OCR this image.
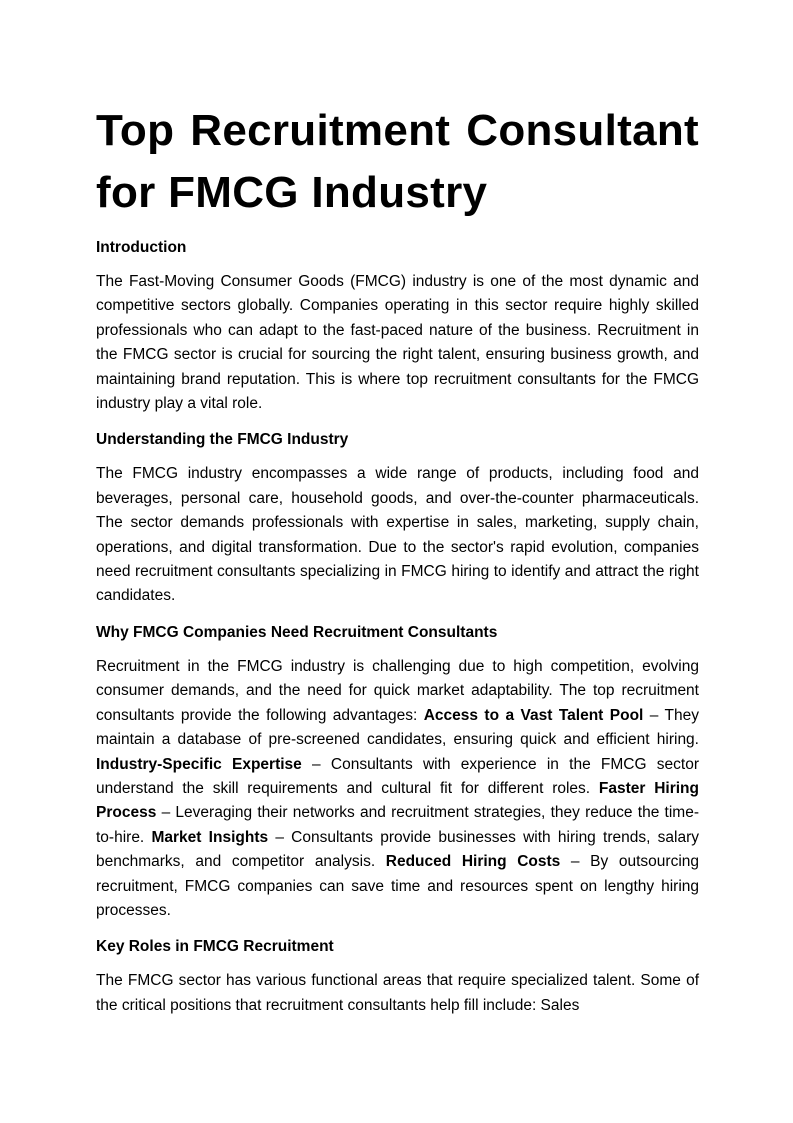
Top Recruitment Consultant for FMCG Industry

Introduction

The Fast-Moving Consumer Goods (FMCG) industry is one of the most dynamic and competitive sectors globally. Companies operating in this sector require highly skilled professionals who can adapt to the fast-paced nature of the business. Recruitment in the FMCG sector is crucial for sourcing the right talent, ensuring business growth, and maintaining brand reputation. This is where top recruitment consultants for the FMCG industry play a vital role.

Understanding the FMCG Industry

The FMCG industry encompasses a wide range of products, including food and beverages, personal care, household goods, and over-the-counter pharmaceuticals. The sector demands professionals with expertise in sales, marketing, supply chain, operations, and digital transformation. Due to the sector's rapid evolution, companies need recruitment consultants specializing in FMCG hiring to identify and attract the right candidates.

Why FMCG Companies Need Recruitment Consultants

Recruitment in the FMCG industry is challenging due to high competition, evolving consumer demands, and the need for quick market adaptability. The top recruitment consultants provide the following advantages: Access to a Vast Talent Pool – They maintain a database of pre-screened candidates, ensuring quick and efficient hiring. Industry-Specific Expertise – Consultants with experience in the FMCG sector understand the skill requirements and cultural fit for different roles. Faster Hiring Process – Leveraging their networks and recruitment strategies, they reduce the time-to-hire. Market Insights – Consultants provide businesses with hiring trends, salary benchmarks, and competitor analysis. Reduced Hiring Costs – By outsourcing recruitment, FMCG companies can save time and resources spent on lengthy hiring processes.

Key Roles in FMCG Recruitment

The FMCG sector has various functional areas that require specialized talent. Some of the critical positions that recruitment consultants help fill include: Sales
